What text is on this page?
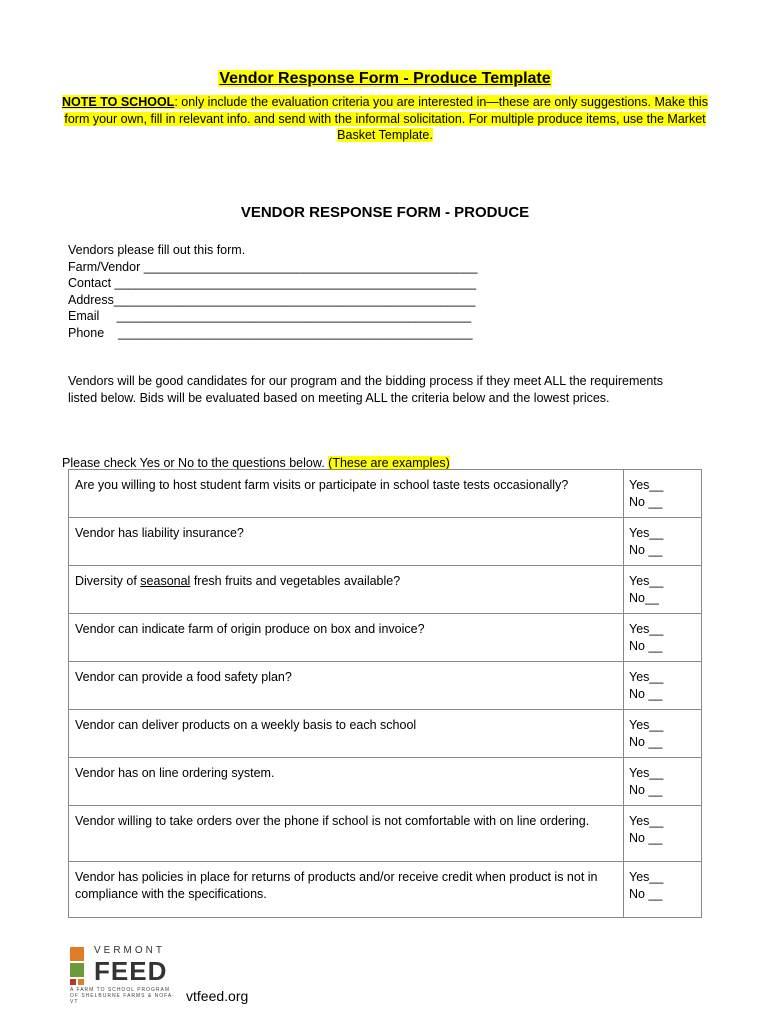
Vendor Response Form - Produce Template
NOTE TO SCHOOL: only include the evaluation criteria you are interested in—these are only suggestions. Make this form your own, fill in relevant info. and send with the informal solicitation. For multiple produce items, use the Market Basket Template.
VENDOR RESPONSE FORM - PRODUCE
Vendors please fill out this form.
Farm/Vendor ________________________________________________
Contact ____________________________________________________
Address____________________________________________________
Email     ___________________________________________________
Phone    ___________________________________________________
Vendors will be good candidates for our program and the bidding process if they meet ALL the requirements listed below. Bids will be evaluated based on meeting ALL the criteria below and the lowest prices.
Please check Yes or No to the questions below. (These are examples)
Are you willing to host student farm visits or participate in school taste tests occasionally?	Yes__
No __

Vendor has liability insurance?	Yes__
No __

Diversity of seasonal fresh fruits and vegetables available?	Yes__
No__

Vendor can indicate farm of origin produce on box and invoice?	Yes__
No __

Vendor can provide a food safety plan?	Yes__
No __

Vendor can deliver products on a weekly basis to each school	Yes__
No __

Vendor has on line ordering system.	Yes__
No __

Vendor willing to take orders over the phone if school is not comfortable with on line ordering.	Yes__
No __

Vendor has policies in place for returns of products and/or receive credit when product is not in compliance with the specifications.	Yes__
No __
VERMONT
FEED
A FARM TO SCHOOL PROGRAM OF SHELBURNE FARMS & NOFA-VT	vtfeed.org
